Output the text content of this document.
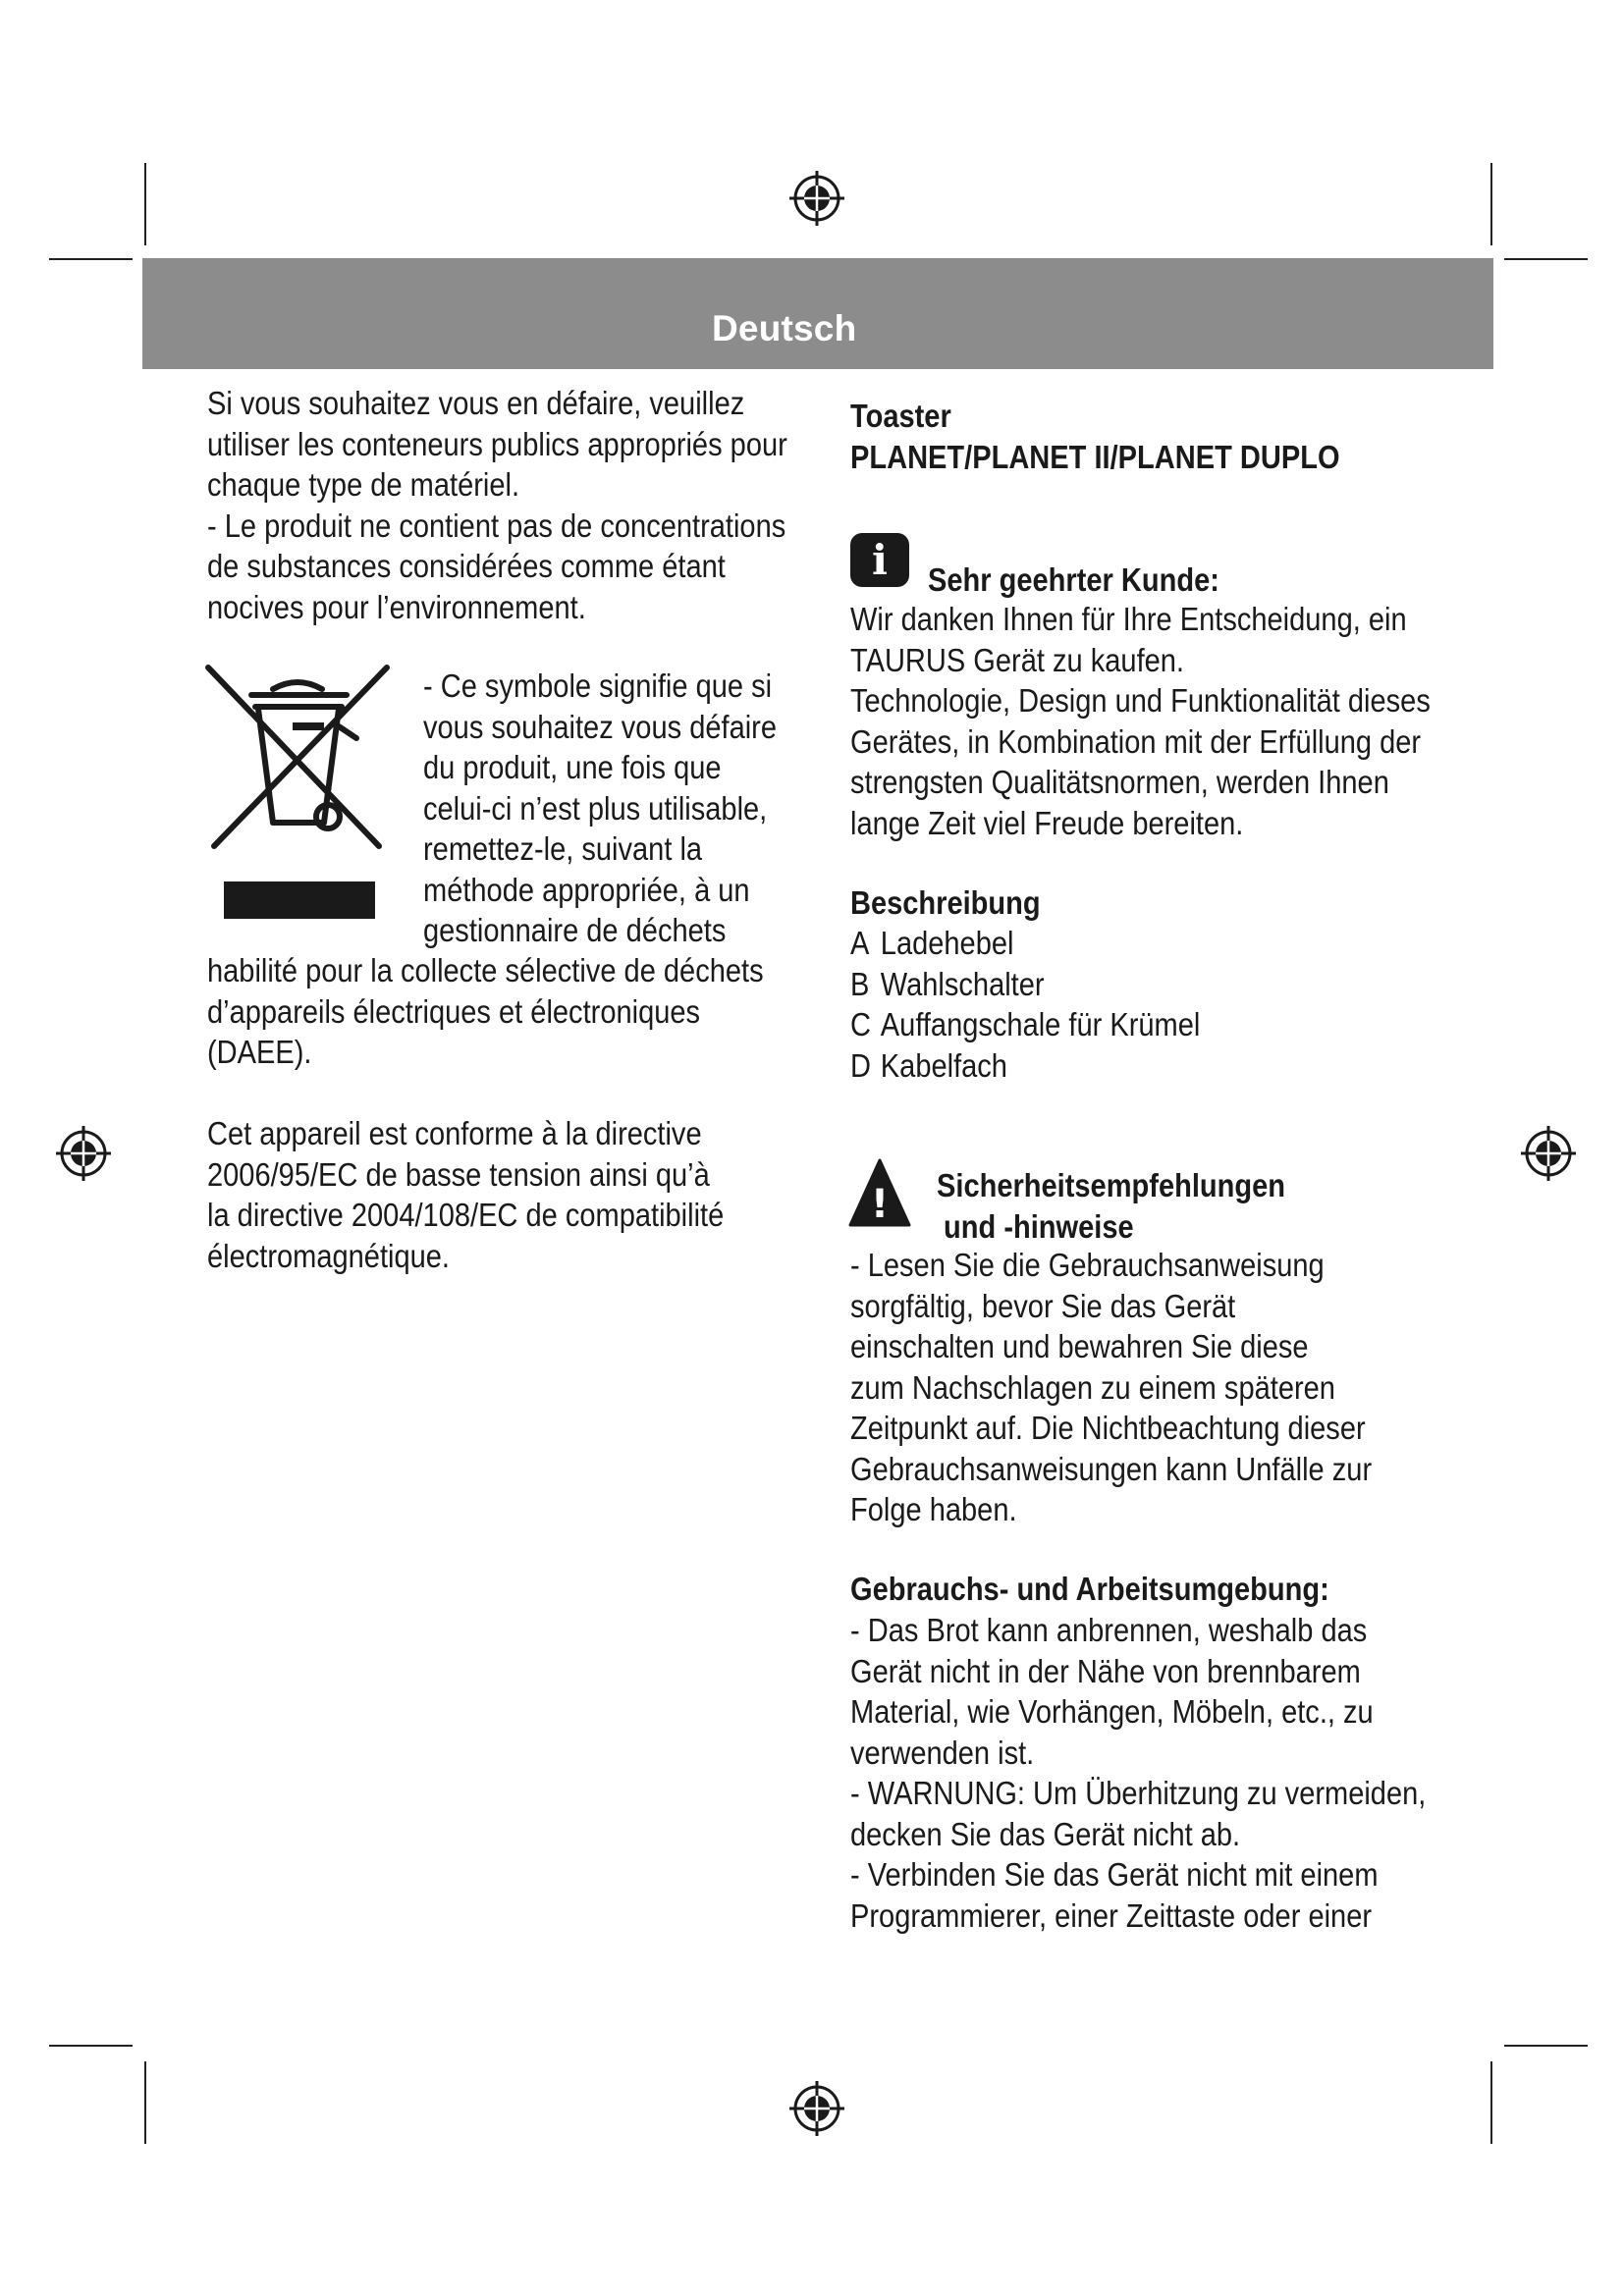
Deutsch
Si vous souhaitez vous en défaire, veuillez
utiliser les conteneurs publics appropriés pour
chaque type de matériel.
- Le produit ne contient pas de concentrations
de substances considérées comme étant
nocives pour l’environnement.
- Ce symbole signifie que si
vous souhaitez vous défaire
du produit, une fois que
celui-ci n’est plus utilisable,
remettez-le, suivant la
méthode appropriée, à un
gestionnaire de déchets
habilité pour la collecte sélective de déchets
d’appareils électriques et électroniques
(DAEE).
Cet appareil est conforme à la directive
2006/95/EC de basse tension ainsi qu’à
la directive 2004/108/EC de compatibilité
électromagnétique.
Toaster
PLANET/PLANET II/PLANET DUPLO
i	Sehr geehrter Kunde:
Wir danken Ihnen für Ihre Entscheidung, ein
TAURUS Gerät zu kaufen.
Technologie, Design und Funktionalität dieses
Gerätes, in Kombination mit der Erfüllung der
strengsten Qualitätsnormen, werden Ihnen
lange Zeit viel Freude bereiten.
Beschreibung
A Ladehebel
B Wahlschalter
C Auffangschale für Krümel
D Kabelfach
! Sicherheitsempfehlungen
und -hinweise
- Lesen Sie die Gebrauchsanweisung
sorgfältig, bevor Sie das Gerät
einschalten und bewahren Sie diese
zum Nachschlagen zu einem späteren
Zeitpunkt auf. Die Nichtbeachtung dieser
Gebrauchsanweisungen kann Unfälle zur
Folge haben.
Gebrauchs- und Arbeitsumgebung:
- Das Brot kann anbrennen, weshalb das
Gerät nicht in der Nähe von brennbarem
Material, wie Vorhängen, Möbeln, etc., zu
verwenden ist.
- WARNUNG: Um Überhitzung zu vermeiden,
decken Sie das Gerät nicht ab.
- Verbinden Sie das Gerät nicht mit einem
Programmierer, einer Zeittaste oder einer
